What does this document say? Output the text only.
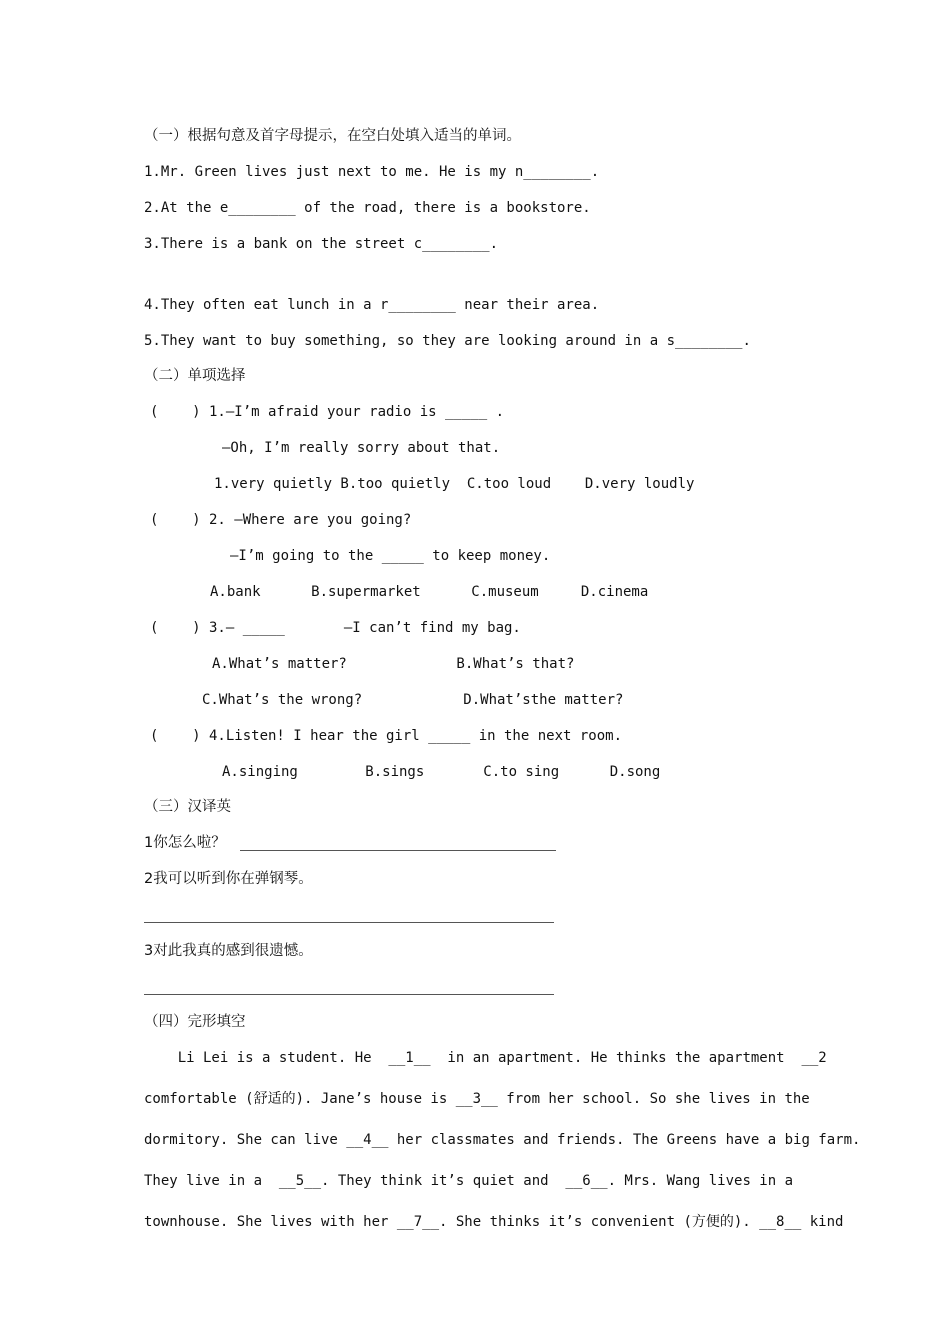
（一）根据句意及首字母提示，在空白处填入适当的单词。
1.Mr. Green lives just next to me. He is my n________.
2.At the e________ of the road, there is a bookstore.
3.There is a bank on the street c________.
4.They often eat lunch in a r________ near their area.
5.They want to buy something, so they are looking around in a s________.
（二）单项选择
(    ) 1.—I’m afraid your radio is _____ .
—Oh, I’m really sorry about that.
1.very quietly B.too quietly  C.too loud    D.very loudly
(    ) 2. —Where are you going?
—I’m going to the _____ to keep money.
A.bank      B.supermarket      C.museum     D.cinema
(    ) 3.— _____       —I can’t find my bag.
A.What’s matter?             B.What’s that?
C.What’s the wrong?            D.What’sthe matter?
(    ) 4.Listen! I hear the girl _____ in the next room.
A.singing        B.sings       C.to sing      D.song
（三）汉译英
1你怎么啦？
2我可以听到你在弹钢琴。
3对此我真的感到很遗憾。
（四）完形填空
Li Lei is a student. He  __1__  in an apartment. He thinks the apartment  __2
comfortable (舒适的). Jane’s house is __3__ from her school. So she lives in the
dormitory. She can live __4__ her classmates and friends. The Greens have a big farm.
They live in a  __5__. They think it’s quiet and  __6__. Mrs. Wang lives in a
townhouse. She lives with her __7__. She thinks it’s convenient (方便的). __8__ kind
